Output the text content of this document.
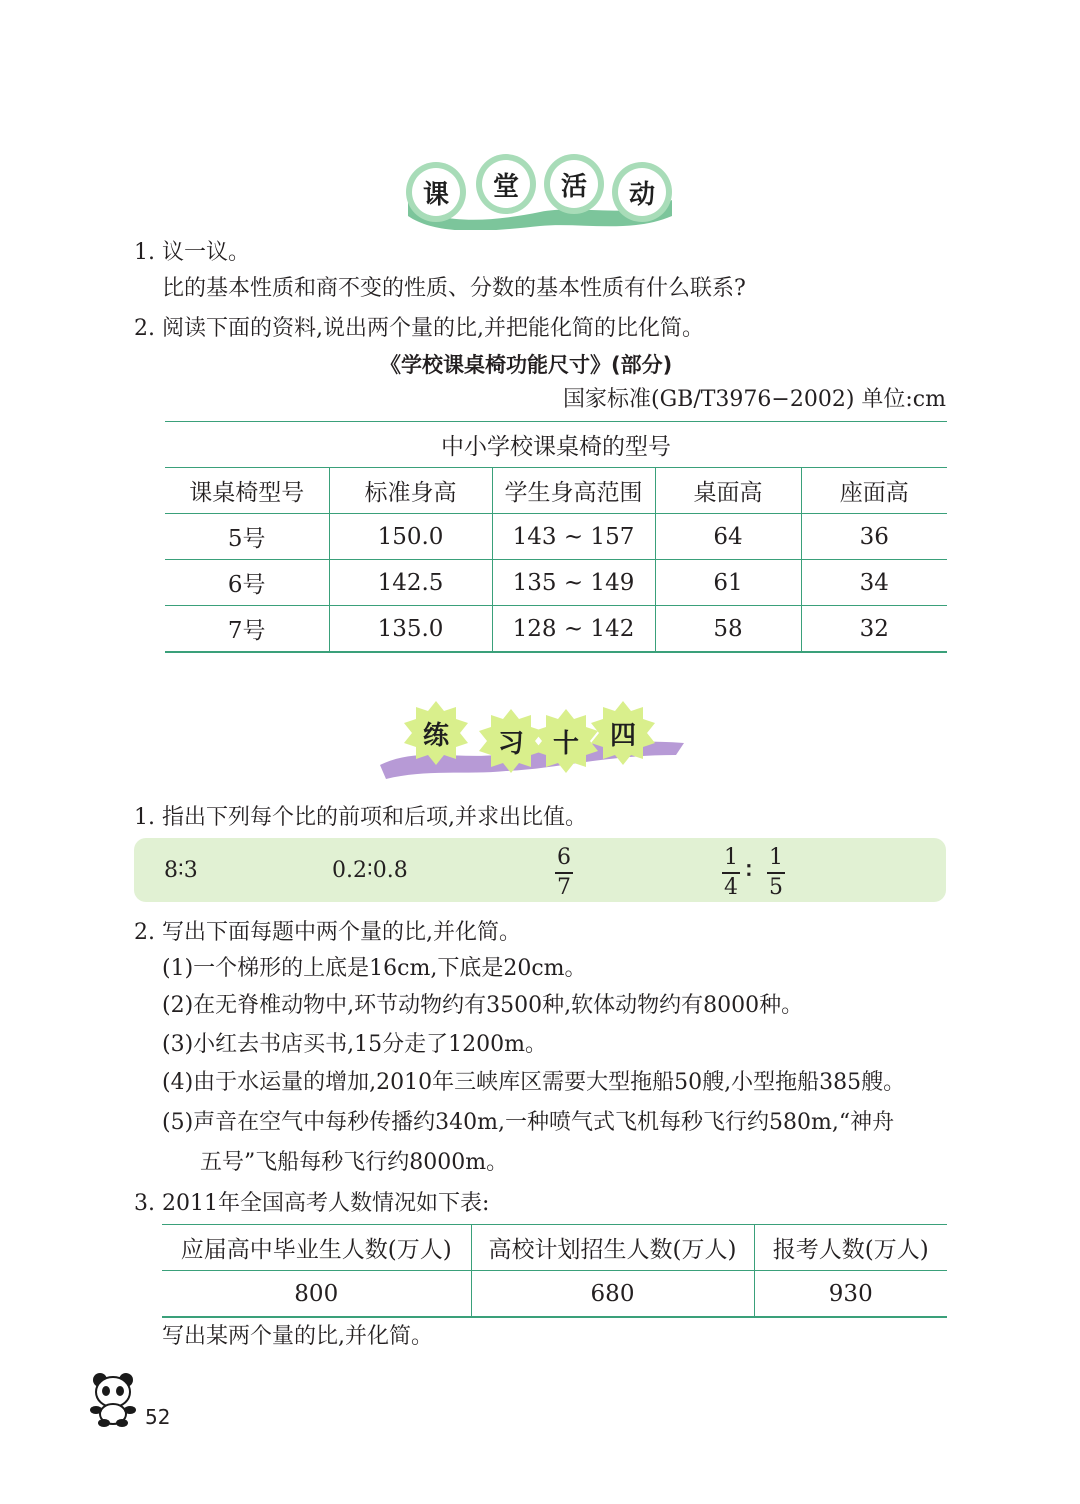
课	堂	活	动
1. 议一议。
比的基本性质和商不变的性质、分数的基本性质有什么联系?
2. 阅读下面的资料,说出两个量的比,并把能化简的比化简。
《学校课桌椅功能尺寸》(部分)
国家标准(GB/T3976−2002) 单位:cm
中小学校课桌椅的型号				
课桌椅型号	标准身高	学生身高范围	桌面高	座面高
5号	150.0	143 ~ 157	64	36
6号	142.5	135 ~ 149	61	34
7号	135.0	128 ~ 142	58	32
练	习	十	四
1. 指出下列每个比的前项和后项,并求出比值。
8∶3	0.2∶0.8
6
7
1
4
∶
1
5
2. 写出下面每题中两个量的比,并化简。
(1)一个梯形的上底是16cm,下底是20cm。
(2)在无脊椎动物中,环节动物约有3500种,软体动物约有8000种。
(3)小红去书店买书,15分走了1200m。
(4)由于水运量的增加,2010年三峡库区需要大型拖船50艘,小型拖船385艘。
(5)声音在空气中每秒传播约340m,一种喷气式飞机每秒飞行约580m,“神舟
五号”飞船每秒飞行约8000m。
3. 2011年全国高考人数情况如下表:
应届高中毕业生人数(万人)	高校计划招生人数(万人)	报考人数(万人)
800	680	930
写出某两个量的比,并化简。
52
